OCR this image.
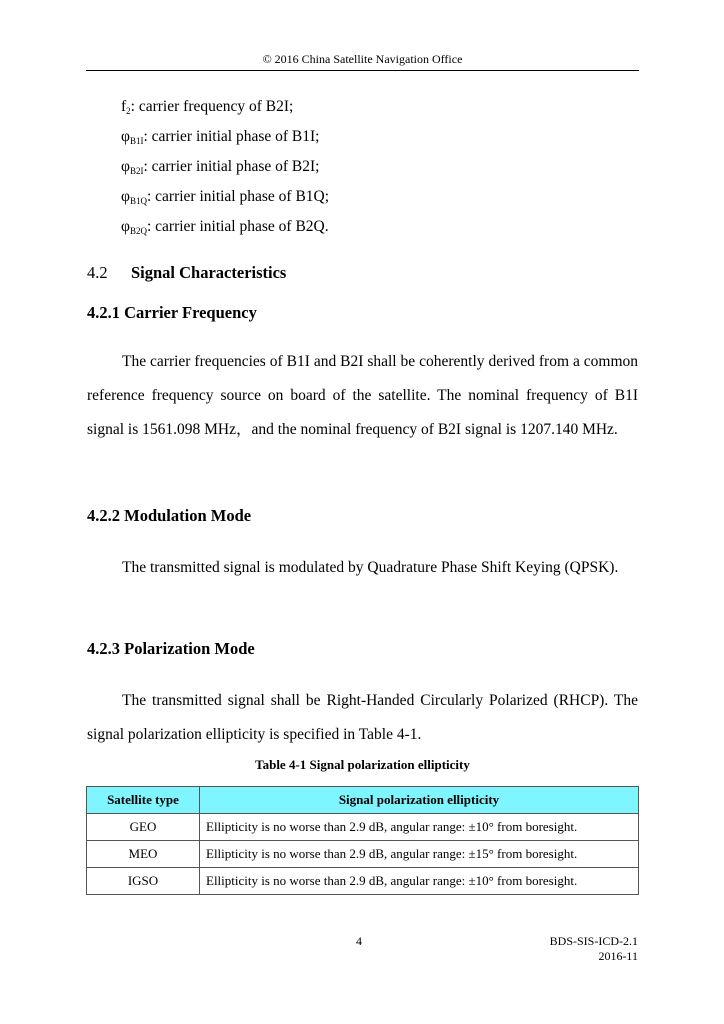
© 2016 China Satellite Navigation Office
$f_2$: carrier frequency of B2I;
$\varphi_{B1I}$: carrier initial phase of B1I;
$\varphi_{B2I}$: carrier initial phase of B2I;
$\varphi_{B1Q}$: carrier initial phase of B1Q;
$\varphi_{B2Q}$: carrier initial phase of B2Q.
4.2 Signal Characteristics
4.2.1 Carrier Frequency
The carrier frequencies of B1I and B2I shall be coherently derived from a common reference frequency source on board of the satellite. The nominal frequency of B1I signal is 1561.098 MHz，and the nominal frequency of B2I signal is 1207.140 MHz.
4.2.2 Modulation Mode
The transmitted signal is modulated by Quadrature Phase Shift Keying (QPSK).
4.2.3 Polarization Mode
The transmitted signal shall be Right-Handed Circularly Polarized (RHCP). The signal polarization ellipticity is specified in Table 4-1.
Table 4-1 Signal polarization ellipticity
Satellite type	Signal polarization ellipticity
GEO	Ellipticity is no worse than 2.9 dB, angular range: ±10° from boresight.
MEO	Ellipticity is no worse than 2.9 dB, angular range: ±15° from boresight.
IGSO	Ellipticity is no worse than 2.9 dB, angular range: ±10° from boresight.
4	BDS-SIS-ICD-2.1
2016-11
